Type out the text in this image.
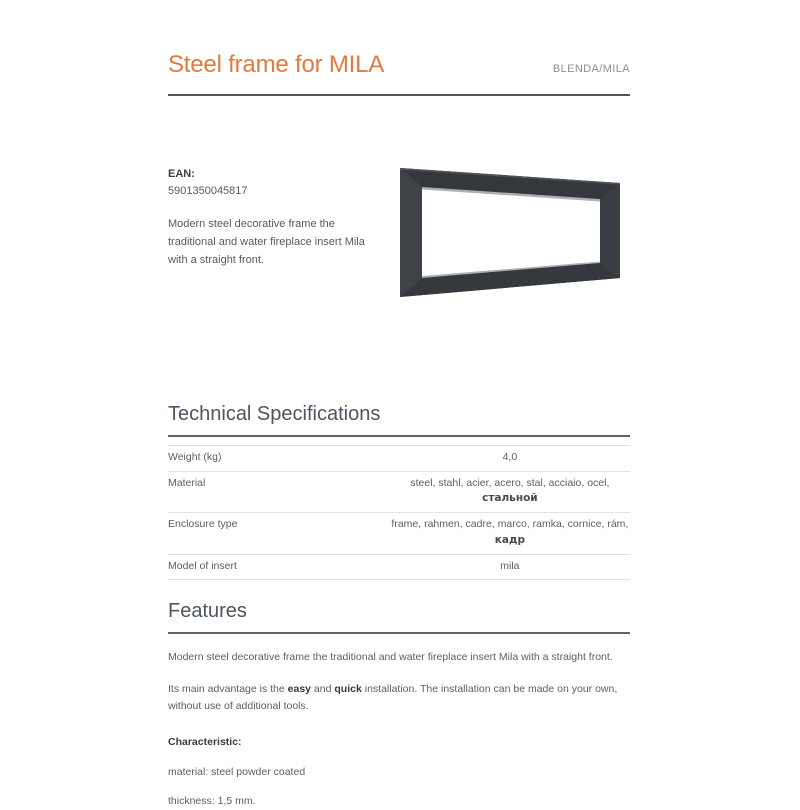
Steel frame for MILA	BLENDA/MILA
EAN:
5901350045817

Modern steel decorative frame the traditional and water fireplace insert Mila with a straight front.

Technical Specifications
Weight (kg)	4,0
Material	steel, stahl, acier, acero, stal, acciaio, ocel, стальной
Enclosure type	frame, rahmen, cadre, marco, ramka, cornice, rám, кадр
Model of insert	mila
Features

Modern steel decorative frame the traditional and water fireplace insert Mila with a straight front.

Its main advantage is the easy and quick installation. The installation can be made on your own, without use of additional tools.

Characteristic:
material: steel powder coated
thickness: 1,5 mm.
